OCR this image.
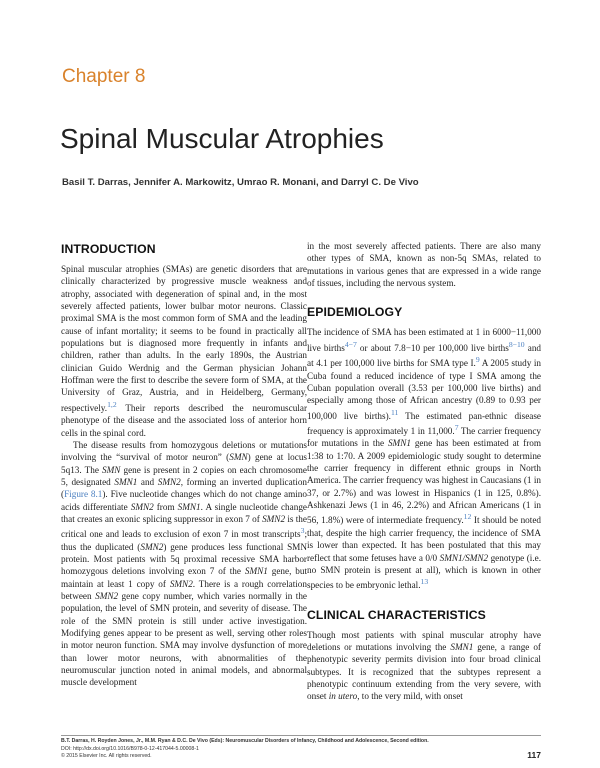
Chapter 8
Spinal Muscular Atrophies
Basil T. Darras, Jennifer A. Markowitz, Umrao R. Monani, and Darryl C. De Vivo
INTRODUCTION

Spinal muscular atrophies (SMAs) are genetic disorders that are clinically characterized by progressive muscle weakness and atrophy, associated with degeneration of spinal and, in the most severely affected patients, lower bulbar motor neurons. Classic proximal SMA is the most common form of SMA and the leading cause of infant mortality; it seems to be found in practically all populations but is diagnosed more frequently in infants and children, rather than adults. In the early 1890s, the Austrian clinician Guido Werdnig and the German physician Johann Hoffman were the first to describe the severe form of SMA, at the University of Graz, Austria, and in Heidelberg, Germany, respectively.$^{1,2}$ Their reports described the neuromuscular phenotype of the disease and the associated loss of anterior horn cells in the spinal cord.

The disease results from homozygous deletions or mutations involving the “survival of motor neuron” (SMN) gene at locus 5q13. The SMN gene is present in 2 copies on each chromosome 5, designated SMN1 and SMN2, forming an inverted duplication (Figure 8.1). Five nucleotide changes which do not change amino acids differentiate SMN2 from SMN1. A single nucleotide change that creates an exonic splicing suppressor in exon 7 of SMN2 is the critical one and leads to exclusion of exon 7 in most transcripts$^3$; thus the duplicated (SMN2) gene produces less functional SMN protein. Most patients with 5q proximal recessive SMA harbor homozygous deletions involving exon 7 of the SMN1 gene, but maintain at least 1 copy of SMN2. There is a rough correlation between SMN2 gene copy number, which varies normally in the population, the level of SMN protein, and severity of disease. The role of the SMN protein is still under active investigation. Modifying genes appear to be present as well, serving other roles in motor neuron function. SMA may involve dysfunction of more than lower motor neurons, with abnormalities of the neuromuscular junction noted in animal models, and abnormal muscle development

in the most severely affected patients. There are also many other types of SMA, known as non-5q SMAs, related to mutations in various genes that are expressed in a wide range of tissues, including the nervous system.

EPIDEMIOLOGY

The incidence of SMA has been estimated at 1 in 6000−11,000 live births$^{4-7}$ or about 7.8−10 per 100,000 live births$^{8-10}$ and at 4.1 per 100,000 live births for SMA type I.$^9$ A 2005 study in Cuba found a reduced incidence of type I SMA among the Cuban population overall (3.53 per 100,000 live births) and especially among those of African ancestry (0.89 to 0.93 per 100,000 live births).$^{11}$ The estimated pan-ethnic disease frequency is approximately 1 in 11,000.$^7$ The carrier frequency for mutations in the SMN1 gene has been estimated at from 1:38 to 1:70. A 2009 epidemiologic study sought to determine the carrier frequency in different ethnic groups in North America. The carrier frequency was highest in Caucasians (1 in 37, or 2.7%) and was lowest in Hispanics (1 in 125, 0.8%). Ashkenazi Jews (1 in 46, 2.2%) and African Americans (1 in 56, 1.8%) were of intermediate frequency.$^{12}$ It should be noted that, despite the high carrier frequency, the incidence of SMA is lower than expected. It has been postulated that this may reflect that some fetuses have a 0/0 SMN1/SMN2 genotype (i.e. no SMN protein is present at all), which is known in other species to be embryonic lethal.$^{13}$

CLINICAL CHARACTERISTICS

Though most patients with spinal muscular atrophy have deletions or mutations involving the SMN1 gene, a range of phenotypic severity permits division into four broad clinical subtypes. It is recognized that the subtypes represent a phenotypic continuum extending from the very severe, with onset in utero, to the very mild, with onset

B.T. Darras, H. Royden Jones, Jr., M.M. Ryan & D.C. De Vivo (Eds): Neuromuscular Disorders of Infancy, Childhood and Adolescence, Second edition.
DOI: http://dx.doi.org/10.1016/B978-0-12-417044-5.00008-1
© 2015 Elsevier Inc. All rights reserved.	117
